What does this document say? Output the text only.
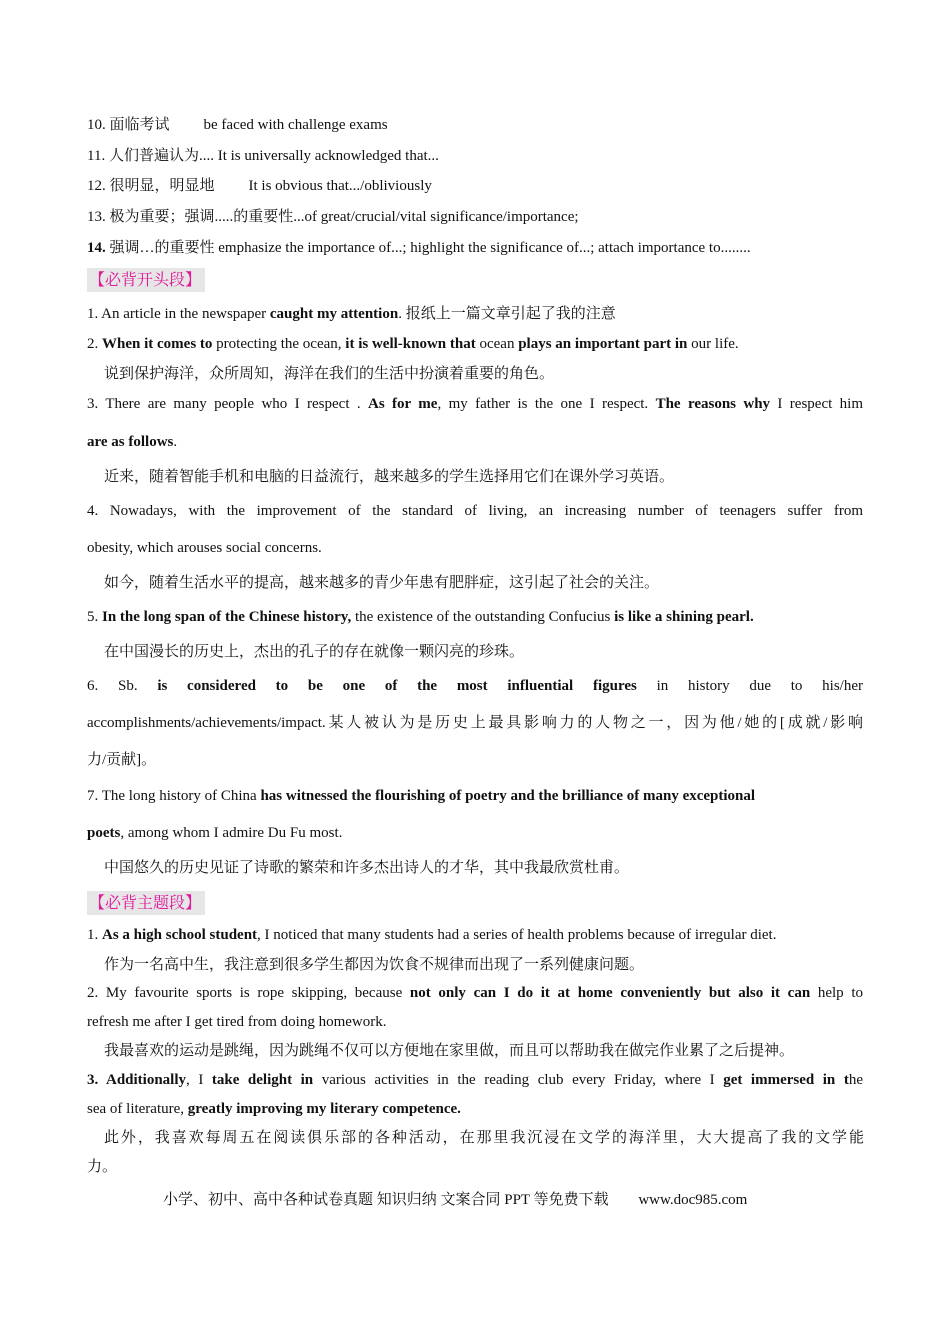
10. 面临考试 be faced with challenge exams
11. 人们普遍认为.... It is universally acknowledged that...
12. 很明显，明显地 It is obvious that.../obliviously
13. 极为重要；强调.....的重要性...of great/crucial/vital significance/importance;
14. 强调…的重要性 emphasize the importance of...; highlight the significance of...; attach importance to........
【必背开头段】
1. An article in the newspaper caught my attention. 报纸上一篇文章引起了我的注意
2. When it comes to protecting the ocean, it is well-known that ocean plays an important part in our life.
说到保护海洋，众所周知，海洋在我们的生活中扮演着重要的角色。
3. There are many people who I respect . As for me, my father is the one I respect. The reasons why I respect him
are as follows.
近来，随着智能手机和电脑的日益流行，越来越多的学生选择用它们在课外学习英语。
4. Nowadays, with the improvement of the standard of living, an increasing number of teenagers suffer from
obesity, which arouses social concerns.
如今，随着生活水平的提高，越来越多的青少年患有肥胖症，这引起了社会的关注。
5. In the long span of the Chinese history, the existence of the outstanding Confucius is like a shining pearl.
在中国漫长的历史上，杰出的孔子的存在就像一颗闪亮的珍珠。
6. Sb. is considered to be one of the most influential figures in history due to his/her
accomplishments/achievements/impact.某人被认为是历史上最具影响力的人物之一，因为他/她的[成就/影响
力/贡献]。
7. The long history of China has witnessed the flourishing of poetry and the brilliance of many exceptional
poets, among whom I admire Du Fu most.
中国悠久的历史见证了诗歌的繁荣和许多杰出诗人的才华，其中我最欣赏杜甫。
【必背主题段】
1. As a high school student, I noticed that many students had a series of health problems because of irregular diet.
作为一名高中生，我注意到很多学生都因为饮食不规律而出现了一系列健康问题。
2. My favourite sports is rope skipping, because not only can I do it at home conveniently but also it can help to
refresh me after I get tired from doing homework.
我最喜欢的运动是跳绳，因为跳绳不仅可以方便地在家里做，而且可以帮助我在做完作业累了之后提神。
3. Additionally, I take delight in various activities in the reading club every Friday, where I get immersed in the
sea of literature, greatly improving my literary competence.
此外，我喜欢每周五在阅读俱乐部的各种活动，在那里我沉浸在文学的海洋里，大大提高了我的文学能
力。
小学、初中、高中各种试卷真题 知识归纳 文案合同 PPT 等免费下载 www.doc985.com
